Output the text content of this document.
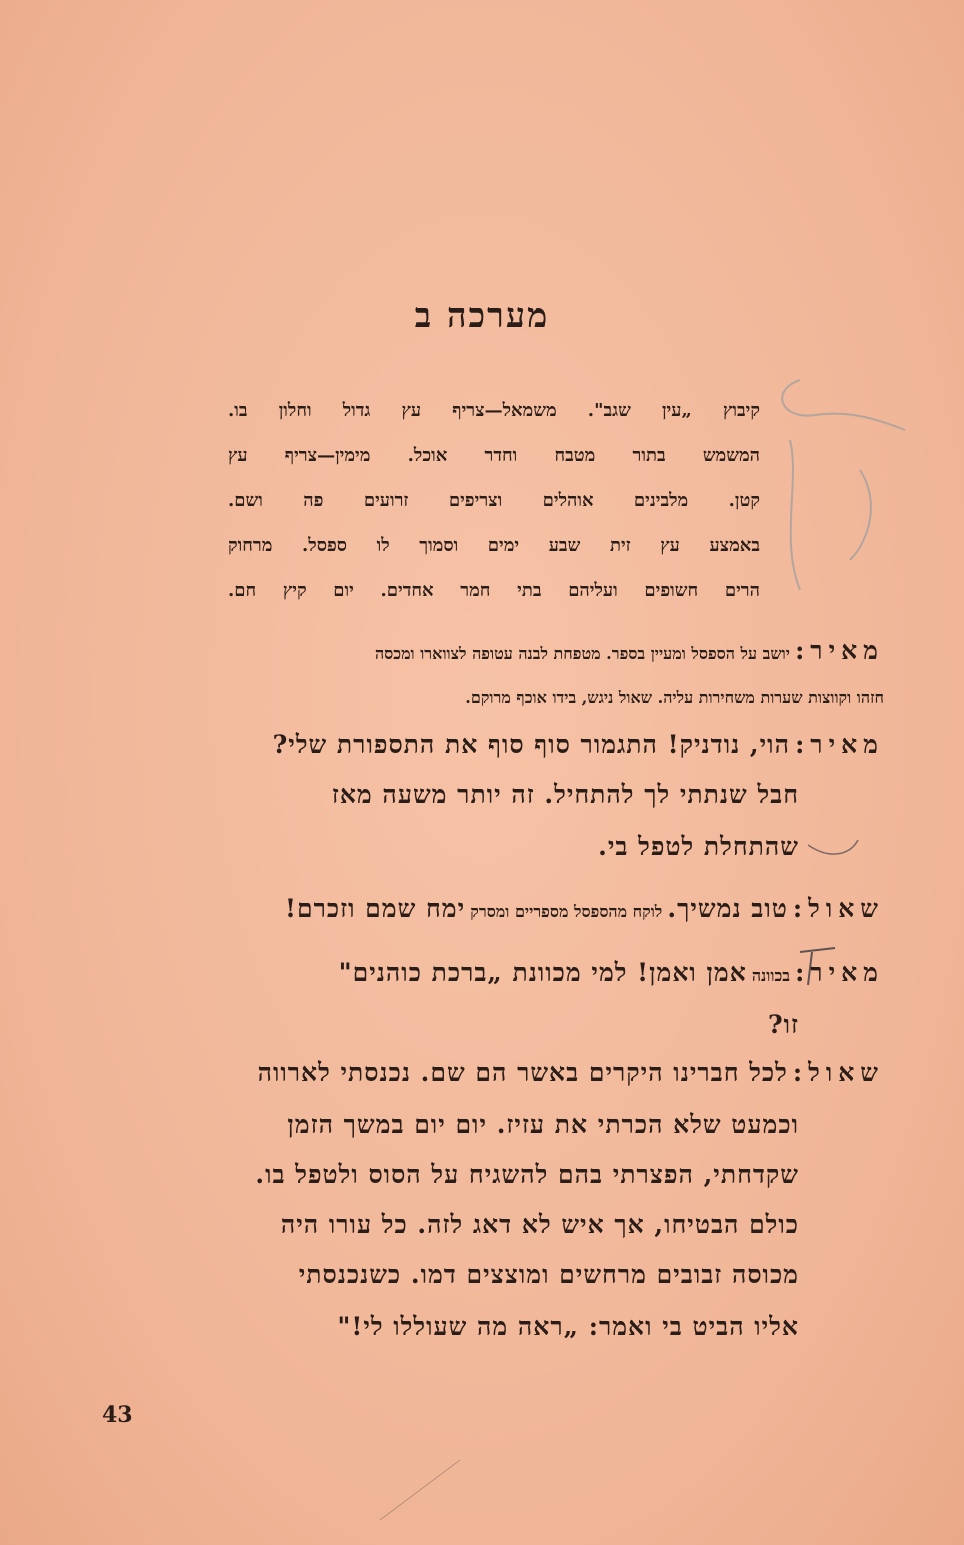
מערכה ב
קיבוץ „עין שגב". משמאל—צריף עץ גדול וחלון בו.
המשמש בתור מטבח וחדר אוכל. מימין—צריף עץ
קטן. מלבינים אוהלים וצריפים זרועים פה ושם.
באמצע עץ זית שבע ימים וסמוך לו ספסל. מרחוק
הרים חשופים ועליהם בתי חמר אחדים. יום קיץ חם.
מאיר: יושב על הספסל ומעיין בספר. מטפחת לבנה עטופה לצווארו ומכסה
חזהו וקווצות שערות משחירות עליה. שאול ניגש, בידו אוכף מרוקם.
מאיר: הוי, נודניק! התגמור סוף סוף את התספורת שלי?
חבל שנתתי לך להתחיל. זה יותר משעה מאז
שהתחלת לטפל בי.
שאול: טוב נמשיך. לוקח מהספסל מספריים ומסרק ימח שמם וזכרם!
מאיר: בכוונה אמן ואמן! למי מכוונת „ברכת כוהנים"
זו?
שאול: לכל חברינו היקרים באשר הם שם. נכנסתי לארווה
וכמעט שלא הכרתי את עזיז. יום יום במשך הזמן
שקדחתי, הפצרתי בהם להשגיח על הסוס ולטפל בו.
כולם הבטיחו, אך איש לא דאג לזה. כל עורו היה
מכוסה זבובים מרחשים ומוצצים דמו. כשנכנסתי
אליו הביט בי ואמר: „ראה מה שעוללו לי!"
43
